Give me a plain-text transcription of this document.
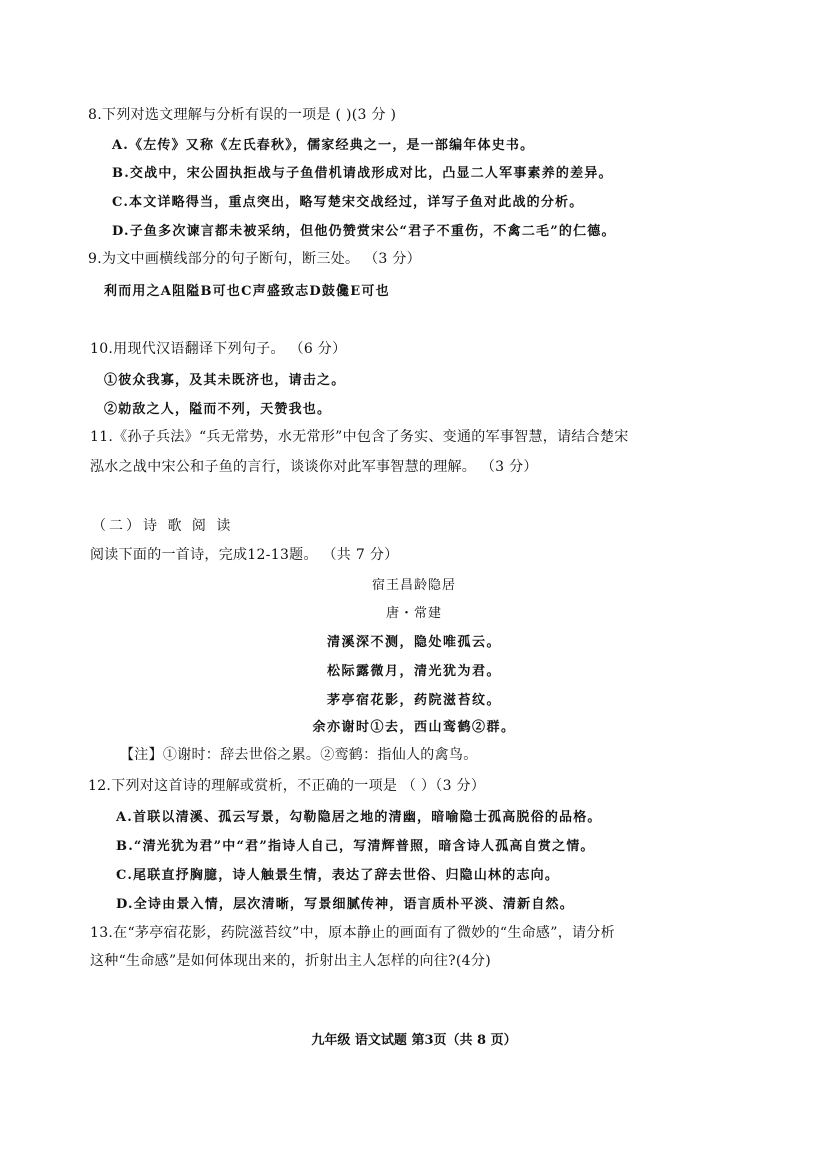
8.下列对选文理解与分析有误的一项是 ( )(3 分 )
A.《左传》又称《左氏春秋》，儒家经典之一，是一部编年体史书。
B.交战中，宋公固执拒战与子鱼借机请战形成对比，凸显二人军事素养的差异。
C.本文详略得当，重点突出，略写楚宋交战经过，详写子鱼对此战的分析。
D.子鱼多次谏言都未被采纳，但他仍赞赏宋公“君子不重伤，不禽二毛”的仁德。
9.为文中画横线部分的句子断句，断三处。 （3 分）
利而用之A阻隘B可也C声盛致志D鼓儳E可也
10.用现代汉语翻译下列句子。 （6 分）
①彼众我寡，及其未既济也，请击之。
②勍敌之人，隘而不列，天赞我也。
11.《孙子兵法》“兵无常势，水无常形”中包含了务实、变通的军事智慧，请结合楚宋
泓水之战中宋公和子鱼的言行，谈谈你对此军事智慧的理解。 （3 分）
（二）诗 歌 阅 读
阅读下面的一首诗，完成12-13题。 （共 7 分）
宿王昌龄隐居
唐・常建
清溪深不测，隐处唯孤云。
松际露微月，清光犹为君。
茅亭宿花影，药院滋苔纹。
余亦谢时①去，西山鸾鹤②群。
【注】①谢时：辞去世俗之累。②鸾鹤：指仙人的禽鸟。
12.下列对这首诗的理解或赏析，不正确的一项是 （ ）（3 分）
A.首联以清溪、孤云写景，勾勒隐居之地的清幽，暗喻隐士孤高脱俗的品格。
B.“清光犹为君”中“君”指诗人自己，写清辉普照，暗含诗人孤高自赏之情。
C.尾联直抒胸臆，诗人触景生情，表达了辞去世俗、归隐山林的志向。
D.全诗由景入情，层次清晰，写景细腻传神，语言质朴平淡、清新自然。
13.在“茅亭宿花影，药院滋苔纹”中，原本静止的画面有了微妙的“生命感”，请分析
这种“生命感”是如何体现出来的，折射出主人怎样的向往?(4分)
九年级 语文试题 第3页（共 8 页）
